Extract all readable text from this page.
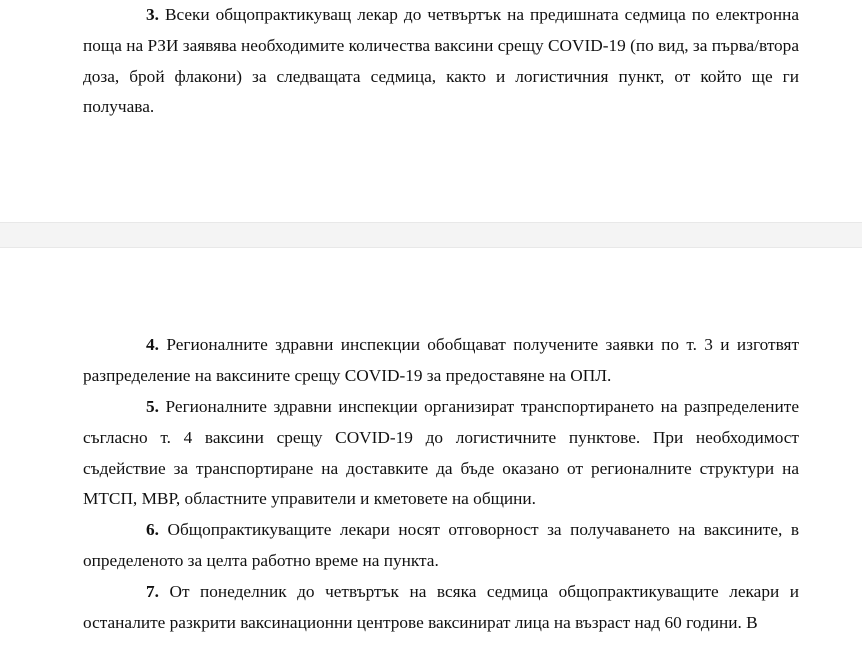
3. Всеки общопрактикуващ лекар до четвъртък на предишната седмица по електронна поща на РЗИ заявява необходимите количества ваксини срещу COVID-19 (по вид, за първа/втора доза, брой флакони) за следващата седмица, както и логистичния пункт, от който ще ги получава.

4. Регионалните здравни инспекции обобщават получените заявки по т. 3 и изготвят разпределение на ваксините срещу COVID-19 за предоставяне на ОПЛ.

5. Регионалните здравни инспекции организират транспортирането на разпределените съгласно т. 4 ваксини срещу COVID-19 до логистичните пунктове. При необходимост съдействие за транспортиране на доставките да бъде оказано от регионалните структури на МТСП, МВР, областните управители и кметовете на общини.

6. Общопрактикуващите лекари носят отговорност за получаването на ваксините, в определеното за целта работно време на пункта.

7. От понеделник до четвъртък на всяка седмица общопрактикуващите лекари и останалите разкрити ваксинационни центрове ваксинират лица на възраст над 60 години. В
